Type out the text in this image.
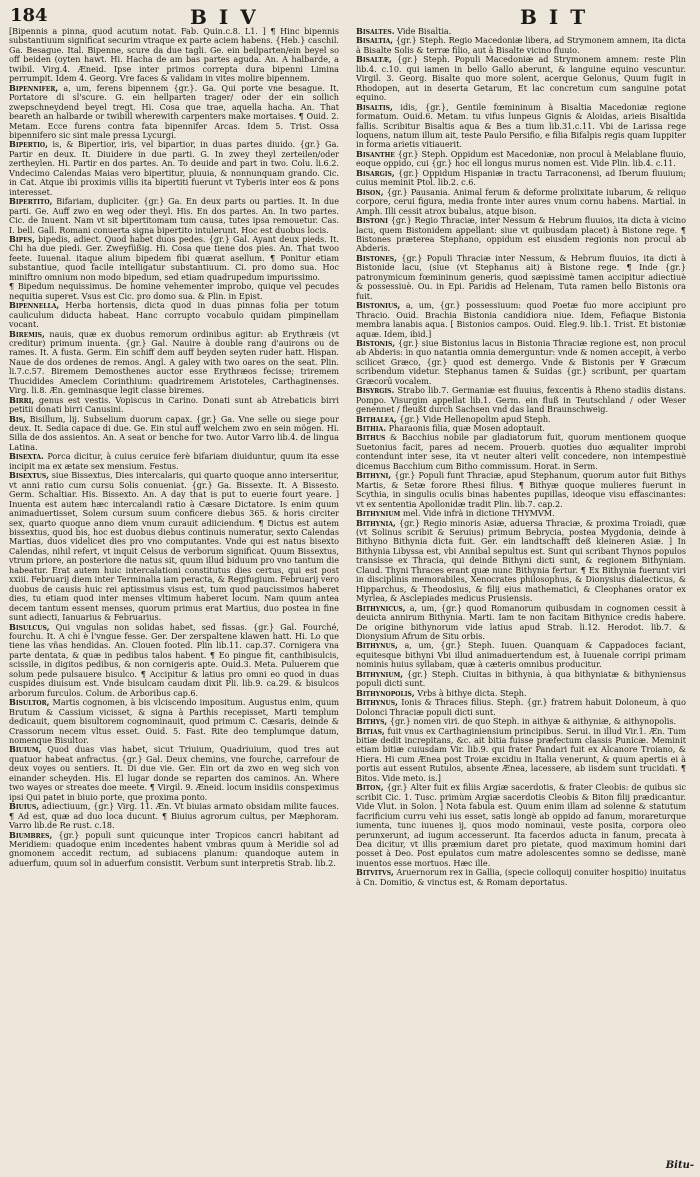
184	BIV	BIT

[Bipennis a pinna, quod acutum notat. Fab. Quin.c.8. L1. ] ¶ Hinc bipennis substantiuum significat securim vtraque ex parte aciem habens. {Heb.} caschil. Ga. Besague. Ital. Bipenne, scure da due tagli. Ge. ein beilparten/ein beyel so off beiden (oyten hawt. Hi. Hacha de am bas partes aguda. An. A halbarde, a twibil. Virg.4. Æneid. Ipse inter primos correpta dura bipenni Limina perrumpit. Idem 4. Georg. Vre faces & validam in vites molire bipennem.

Bipennifer, a, um, ferens bipennem {gr.}. Ga. Qui porte vne besague. It. Portatore di sl'scure. G. ein hellparten trager/ oder der ein sollich zwepschneydend beyel tregt. Hi. Cosa que trae, aquella hacha. An. That beareth an halbarde or twibill wherewith carpenters make mortaises. ¶ Ouid. 2. Metam. Ecce furens contra fata bipennifer Arcas. Idem 5. Trist. Ossa bipennifero sic sint male pressa Lycurgi.

Bipertio, is, & Bipertior, iris, vel bipartior, in duas partes diuido. {gr.} Ga. Partir en deux. It. Diuidere in due parti. G. In zwey theyl zerteilen/oder zertheylen. Hi. Partir en dos partes. An. To deuide and part in two. Colu. li.6.2. Vndecimo Calendas Maias vero bipertitur, pluuia, & nonnunquam grando. Cic. in Cat. Atque ibi proximis villis ita bipertiti fuerunt vt Tyberis inter eos & pons interesset.

Bipertito, Bifariam, dupliciter. {gr.} Ga. En deux parts ou parties. It. In due parti. Ge. Auff zwo en weg oder theyl. His. En dos partes. An. In two partes. Cic. de Inuent. Nam vt sit bipertitomam tum causa, tutes ipsa remouetur. Cas. I. bell. Gall. Romani conuerta signa bipertito intulerunt. Hoc est duobus locis.

Bipes, bipedis, adiect. Quod habet duos pedes. {gr.} Gal. Ayant deux pieds. It. Chi ha due piedi. Ger. Zweyfüßig. Hi. Cosa que tiene dos pies. An. That twoo feete. Iuuenal. itaque alium bipedem fibi quærat asellum. ¶ Ponitur etiam substantiue, quod facile intelligatur substantiuum. Ci. pro domo sua. Hoc miniftro omnium non modo bipedum, sed etiam quadrupedum impurissimo.

¶ Bipedum nequissimus. De homine vehementer improbo, quique vel pecudes nequitia superet. Vsus est Cic. pro domo sua. & Plin. in Epist.

Bipennella, Herba hortensis, dicta quod in duas pinnas folia per totum cauliculum diducta habeat. Hanc corrupto vocabulo quidam pimpinellam vocant.

Biremis, nauis, quæ ex duobus remorum ordinibus agitur: ab Erythræis (vt creditur) primum inuenta. {gr.} Gal. Nauire à double rang d'auirons ou de rames. It. A fusta. Germ. Ein schiff dem auff beyden seyten ruder hatt. Hispan. Naue de dos ordenes de remos. Angl. A galey with two oares on the seat. Plin. li.7.c.57. Biremem Demosthenes auctor esse Erythræos fecisse; triremem Thucidides Ameclem Corinthium: quadriremem Aristoteles, Carthaginenses. Virg. li.8. Æn. geminasque legit classe biremes.

Birri, genus est vestis. Vopiscus in Carino. Donati sunt ab Atrebaticis birri petitii donati birri Canusini.

Bis, Bisillum, lij. Subselium duorum capax. {gr.} Ga. Vne selle ou siege pour deux. It. Sedia capace di due. Ge. Ein stul auff welchem zwo en sein mögen. Hi. Silla de dos assientos. An. A seat or benche for two. Autor Varro lib.4. de lingua Latina.

Bisexta. Porca dicitur, à cuius ceruice ferè bifariam diuiduntur, quum ita esse incipit ma ex ætate sex mensium. Festus.

Bisextus, siue Bissextus, Dies intercalaris, qui quarto quoque anno interseritur, vt anni ratio cum cursu Solis conueniat. {gr.} Ga. Bissexte. It. A Bissesto. Germ. Schaltiar. His. Bissexto. An. A day that is put to euerie fourt yeare. ] Inuenta est autem hæc intercalandi ratio à Cæsare Dictatore. Is enim quum animaduertisset, Solem cursum suum conficere diebus 365. & horis circiter sex, quarto quoque anno diem vnum curauit adiiciendum. ¶ Dictus est autem bissextus, quod bis, hoc est duobus diebus continuis numeratur, sexto Calendas Martias, duos videlicet dies pro vno computantes. Vnde qui est natus bisexto Calendas, nihil refert, vt inquit Celsus de verborum significat. Quum Bissextus, vtrum priore, an posteriore die natus sit, quum illud biduum pro vno tantum die habeatur. Erat autem huic intercalationi constitutus dies certus, qui est post xxiii. Februarij diem inter Terminalia iam peracta, & Regifugium. Februarij vero duobus de causis huic rei aptissimus visus est, tum quod paucissimos haberet dies, tu etiam quod inter menses vltimum haberet locum. Nam quum antea decem tantum essent menses, quorum primus erat Martius, duo postea in fine sunt adiecti, Ianuarius & Februarius.

Bisulcus, Qui vngulas non solidas habet, sed fissas. {gr.} Gal. Fourché, fourchu. It. A chi è l'vngue fesse. Ger. Der zerspaltene klawen hatt. Hi. Lo que tiene las vñas hendidas. An. Clouen footed. Plin lib.11. cap.37. Cornigera vna parte dentata, & quæ in pedibus talos habent. ¶ Eo pingue fit, canthibisulcis, scissile, in digitos pedibus, & non cornigeris apte. Ouid.3. Meta. Puluerem que solum pede pulsauere bisulco. ¶ Accipitur & latius pro omni eo quod in duas cuspides diuisum est. Vnde bisulcam caudam dixit Pli. lib.9. ca.29. & bisulcos arborum furculos. Colum. de Arboribus cap.6.

Bisultor, Martis cognomen, à bis vlciscendo impositum. Augustus enim, quum Brutum & Cassium vicisset, & signa à Parthis recepisset, Marti templum dedicauit, quem bisultorem cognominauit, quod primum C. Cæsaris, deinde & Crassorum necem vltus esset. Ouid. 5. Fast. Rite deo templumque datum, nomenque Bisultor.

Biuium, Quod duas vias habet, sicut Triuium, Quadriuium, quod tres aut quatuor habeat anfractus. {gr.} Gal. Deux chemins, vne fourche, carrefour de deux voyes ou sentiers. It. Di due vie. Ger. Ein ort da zwo en weg sich von einander scheyden. His. El lugar donde se reparten dos caminos. An. Where two wayes or streates doe meete. ¶ Virgil. 9. Æneid. locum insidiis conspeximus ipsi Qui patet in biuio porte, que proxima ponto.

Biuius, adiectiuum, {gr.} Virg. 11. Æn. Vt biuias armato obsidam milite fauces. ¶ Ad est, quæ ad duo loca ducunt. ¶ Biuius agrorum cultus, per Mæphoram. Varro lib.de Re rust. c.18.

Biumbres, {gr.} populi sunt quicunque inter Tropicos cancri habitant ad Meridiem: quadoque enim incedentes habent vmbras quum à Meridie sol ad gnomonem accedit rectum, ad subiacens planum: quandoque autem in aduerfum, quum sol in aduerfum consistit. Verbum sunt interpretis Strab. lib.2.

Bisaltes. Vide Bisaltia.

Bisaltia, {gr.} Steph. Regio Macedoniæ libera, ad Strymonem amnem, ita dicta à Bisalte Solis & terræ filio, aut à Bisalte vicino fluuio.

Bisaltæ, {gr.} Steph. Populi Macedoniæ ad Strymonem amnem: reste Plin lib.4. c.10. qui iamen in bello Gallo aberunt, & languine equino vescuntur. Virgil. 3. Georg. Bisalte quo more solent, acerque Gelonus, Quum fugit in Rhodopen, aut in deserta Getarum, Et lac concretum cum sanguine potat equino.

Bisaltis, idis, {gr.}, Gentile fœmininum à Bisaltia Macedoniæ regione formatum. Ouid.6. Metam. tu vifus lunpeus Gignis & Aloidas, arieis Bisaltida fallis. Scribitur Bisaltis aqua & Bes a tium lib.31.c.11. Vbi de Larissa rege loquens, natum illum ait, teste Paulo Persifio, e filia Bifalpis regis quam Iuppiter in forma arietis vitiauerit.

Bisanthe {gr.} Steph. Oppidum est Macedoniæ, non procul à Melablane fluuio, eoque oppido, cui {gr.} hoc ell longus murus nomen est. Vide Plin. lib.4. c.11.

Bisargis, {gr.} Oppidum Hispaniæ in tractu Tarraconensi, ad Iberum fluuium; cuius meminit Ptol. lib.2. c.6.

Bison, {gr.} Pausania. Animal ferum & deforme prolixitate iubarum, & reliquo corpore, cerui figura, media fronte inter aures vnum cornu habens. Martial. in Amph. Illi cessit atrox bubalus, atque bison.

Bistoni {gr.} Regio Thraciæ, inter Nessum & Hebrum fluuios, ita dicta à vicino lacu, quem Bistonidem appellant: siue vt quibusdam placet) à Bistone rege. ¶ Bistones præterea Stephano, oppidum est eiusdem regionis non procul ab Abderis.

Bistones, {gr.} Populi Thraciæ inter Nessum, & Hebrum fluuios, ita dicti à Bistonide lacu, (siue (vt Stephanus ait) à Bistone rege. ¶ Inde {gr.} patronymicum fœmininum generis, quod sæpissimè tamen accipitur adiectiuè & possessiuè. Ou. in Epi. Paridis ad Helenam, Tuta ramen bello Bistonis ora fuit.

Bistonius, a, um, {gr.} possessiuum: quod Poetæ fuo more accipiunt pro Thracio. Ouid. Brachia Bistonia candidiora niue. Idem, Fefiaque Bistonia membra lanabis aqua. [ Bistonios campos. Ouid. Eleg.9. lib.1. Trist. Et bistoniæ aquæ. Idem, ibid.]

Bistonis, {gr.} siue Bistonius lacus in Bistonia Thraciæ regione est, non procul ab Abderis: in quo natantia omnia demerguntur: vnde & nomen accepit, à verbo scilicet Græco, {gr.} quod est demergo. Vnde & Bistonis per ¥ Græcum scribendum videtur. Stephanus tamen & Suidas {gr.} scribunt, per quartam Græcorū vocalem.

Bisyrgis. Strabo lib.7. Germaniæ est fluuius, fexcentis à Rheno stadiis distans. Pompo. Visurgim appellat lib.1. Germ. ein fluß in Teutschland / oder Weser genennet / fleußt durch Sachsen vnd das land Braunschweig.

Bithalea, {gr.} Vide Hellenopolim apud Steph.

Bithia. Pharaonis filia, quæ Mosen adoptauit.

Bithus & Bacchius nobile par gladiatorum fuit, quorum mentionem quoque Suetonius facit, pares ad necem. Prouerb. quoties duo æqualiter improbi contendunt inter sese, ita vt neuter alteri velit concedere, non intempestiuè dicemus Bacchium cum Bitho commissum. Horat. in Serm.

Bithyni, {gr.} Populi funt Thraciæ, apud Stephanum, quorum autor fuit Bithys Martis, & Setæ forore Rhesi filius. ¶ Bithyæ quoque mulieres fuerunt in Scythia, in singulis oculis binas habentes pupillas, ideoque visu effascinantes: vt ex sententia Apollonidæ tradit Plin. lib.7. cap.2.

Bithynium mel. Vide infrà in dictione THYMVM.

Bithynia, {gr.} Regio minoris Asiæ, aduersa Thraciæ, & proxima Troiadi, quæ (vt Solinus scribit & Seruius) primum Bebrycia, postea Mygdonia, deinde à Bithyno Bithynia dicta fuit. Ger. ein landtschafft deß kleineren Asiæ. ] In Bithynia Libyssa est, vbi Annibal sepultus est. Sunt qui scribant Thynos populos transisse ex Thracia, qui deinde Bithyni dicti sunt, & regionem Bithyniam. Claud. Thyni Thraces erant quæ nunc Bithynia fertur. ¶ Ex Bithynia fuerunt viri in disciplinis memorabiles, Xenocrates philosophus, & Dionysius dialecticus, & Hipparchus, & Theodosius, & filij eius mathematici, & Cleophanes orator ex Myrlea, & Asclepiades medicus Prusiensis.

Bithynicus, a, um, {gr.} quod Romanorum quibusdam in cognomen cessit à deuicta annirum Bithynia. Marti. Iam te non facitam Bithynice credis habere. De origine bithynorum vide latius apud Strab. li.12. Herodot. lib.7. & Dionysium Afrum de Situ orbis.

Bithynus, a, um, {gr.} Steph. Iuuen. Quanquam & Cappadoces faciant, equitesque bithyni Vbi illud animaduertendum est, à Iuuenale corripi primam nominis huius syllabam, quæ à cæteris omnibus producitur.

Bithynium, {gr.} Steph. Ciuitas in bithynia, à qua bithyniatæ & bithyniensus populi dicti sunt.

Bithynopolis, Vrbs à bithye dicta. Steph.

Bithynus, Ionis & Thraces filius. Steph. {gr.} fratrem habuit Doloneum, à quo Dolonci Thraciæ populi dicti sunt.

Bithys, {gr.} nomen viri. de quo Steph. in aithyæ & aithyniæ, & aithynopolis.

Bitias, fuit vnus ex Carthaginiensium principibus. Serui. in illud Vir.1. Æn. Tum bitiæ dedit increpitans, &c. ait bitia fuisse præfectum classis Punicæ. Meminit etiam bitiæ cuiusdam Vir. lib.9. qui frater Pandari fuit ex Alcanore Troiano, & Hiera. Hi cum Ænea post Troiæ excidiu in Italia venerunt, & quum apertis ei à portis aut essent Rutulos, absente Ænea, lacessere, ab iisdem sunt trucidati. ¶ Bitos. Vide meto. is.]

Biton, {gr.} Alter fuit ex filiis Argiæ sacerdotis, & frater Cleobis: de quibus sic scribit Cic. 1. Tusc. primùm Argiæ sacerdotis Cleobis & Biton filij prædicantur. Vide Vlut. in Solon. ] Nota fabula est. Quum enim illam ad solenne & statutum facrificium curru vehi ius esset, satis longè ab oppido ad fanum, morareturque iumenta, tunc iuuenes ij, quos modo nominaui, veste posita, corpora oleo perunxerunt, ad iugum accesserunt. Ita facerdos aducta in fanum, precata à Dea dicitur, vt illis præmium daret pro pietate, quod maximum homini dari posset à Deo. Post epulatos cum matre adolescentes somno se dedisse, manè inuentos esse mortuos. Hæc ille.

Bitvitvs, Aruernorum rex in Gallia, (specie colloquij conuiter hospitio) inuitatus à Cn. Domitio, & vinctus est, & Romam deportatus.

Bitu-
